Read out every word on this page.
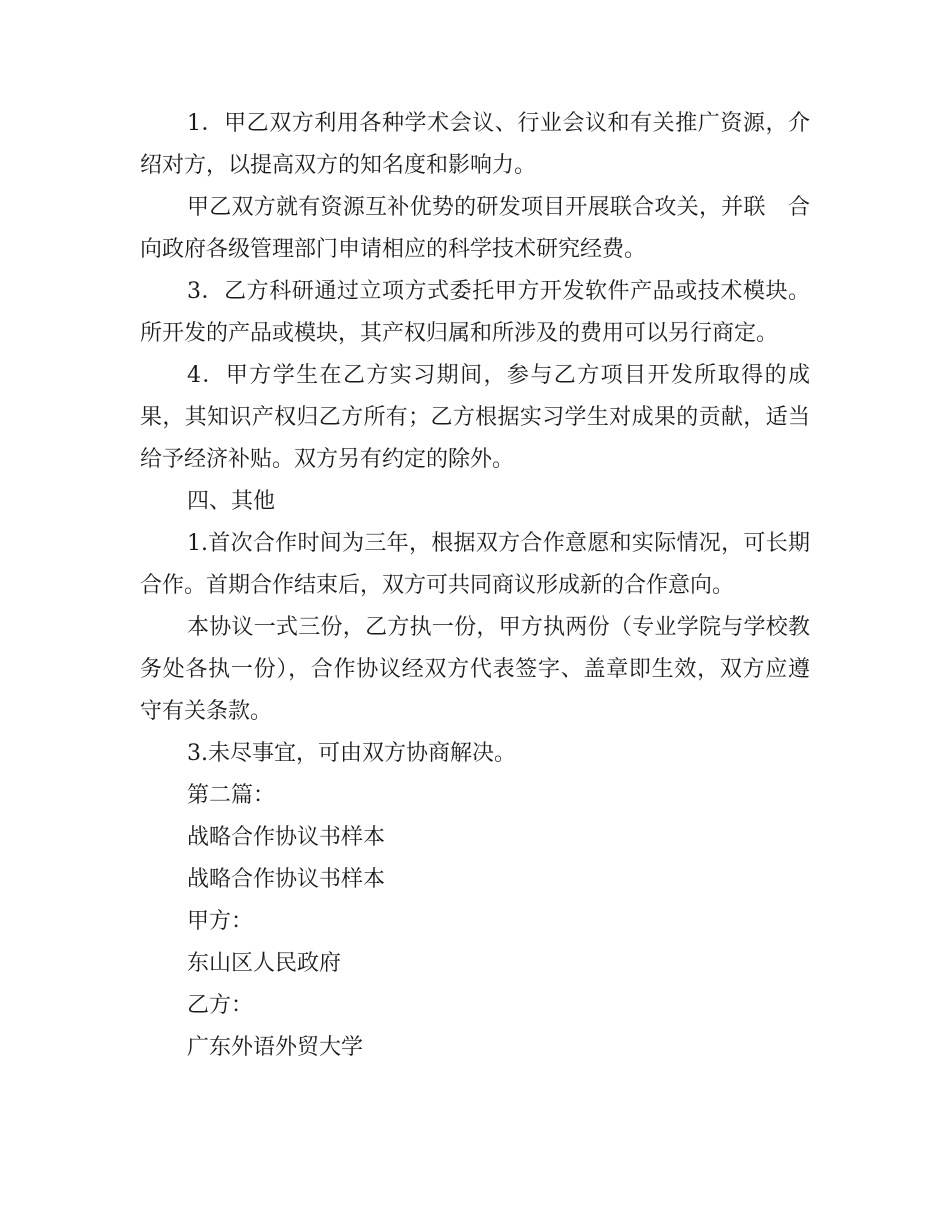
1．甲乙双方利用各种学术会议、行业会议和有关推广资源，介绍对方，以提高双方的知名度和影响力。

甲乙双方就有资源互补优势的研发项目开展联合攻关，并联　合向政府各级管理部门申请相应的科学技术研究经费。

3．乙方科研通过立项方式委托甲方开发软件产品或技术模块。所开发的产品或模块，其产权归属和所涉及的费用可以另行商定。

4．甲方学生在乙方实习期间，参与乙方项目开发所取得的成果，其知识产权归乙方所有；乙方根据实习学生对成果的贡献，适当给予经济补贴。双方另有约定的除外。

四、其他

1.首次合作时间为三年，根据双方合作意愿和实际情况，可长期合作。首期合作结束后，双方可共同商议形成新的合作意向。

本协议一式三份，乙方执一份，甲方执两份（专业学院与学校教务处各执一份），合作协议经双方代表签字、盖章即生效，双方应遵守有关条款。

3.未尽事宜，可由双方协商解决。

第二篇：

战略合作协议书样本

战略合作协议书样本

甲方：

东山区人民政府

乙方：

广东外语外贸大学
